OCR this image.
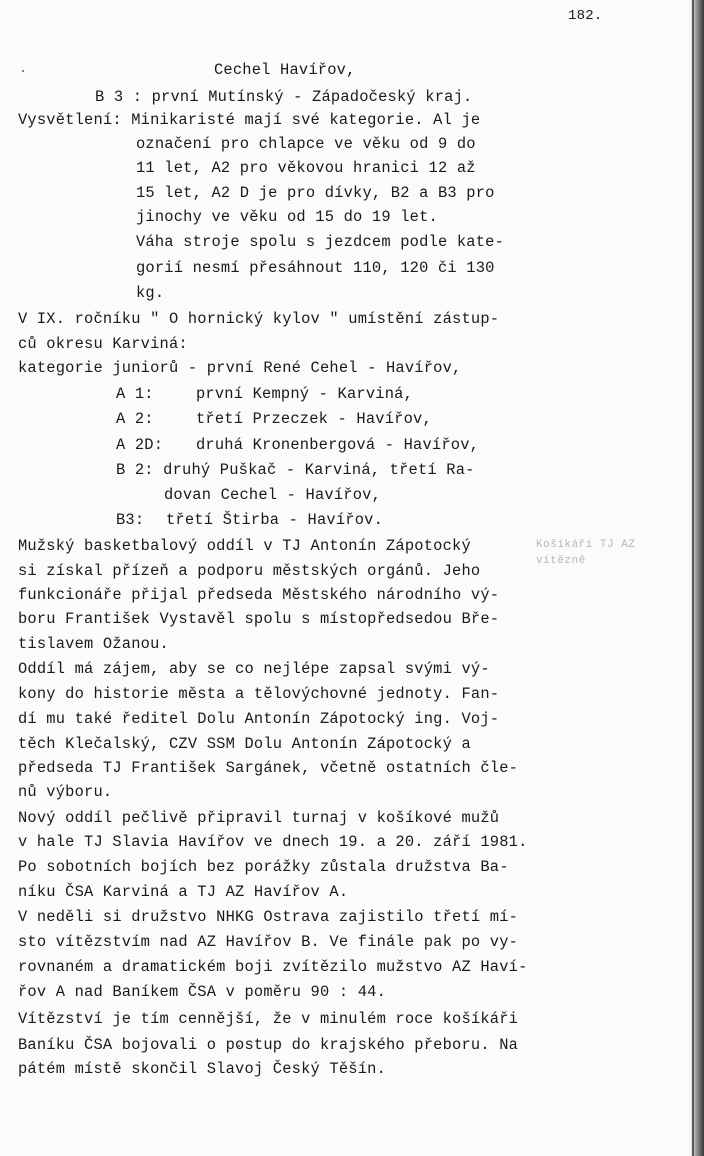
182.
Cechel Havířov,
B 3 : první Mutínský - Západočeský kraj.
Vysvětlení: Minikaristé mají své kategorie. Al je
označení pro chlapce ve věku od 9 do
11 let, A2 pro věkovou hranici 12 až
15 let, A2 D je pro dívky, B2 a B3 pro
jinochy ve věku od 15 do 19 let.
Váha stroje spolu s jezdcem podle kate-
gorií nesmí přesáhnout 110, 120 či 130
kg.
V IX. ročníku " O hornický kylov " umístění zástup-
ců okresu Karviná:
kategorie juniorů - první René Cehel - Havířov,
A 1:	první Kempný - Karviná,
A 2:	třetí Przeczek - Havířov,
A 2D: druhá Kronenbergová - Havířov,
B 2: druhý Puškač - Karviná, třetí Ra-
dovan Cechel - Havířov,
B3: třetí Štirba - Havířov.
Mužský basketbalový oddíl v TJ Antonín Zápotocký
si získal přízeň a podporu městských orgánů. Jeho
funkcionáře přijal předseda Městského národního vý-
boru František Vystavěl spolu s místopředsedou Bře-
tislavem Ožanou.
Oddíl má zájem, aby se co nejlépe zapsal svými vý-
kony do historie města a tělovýchovné jednoty. Fan-
dí mu také ředitel Dolu Antonín Zápotocký ing. Voj-
těch Klečalský, CZV SSM Dolu Antonín Zápotocký a
předseda TJ František Sargánek, včetně ostatních čle-
nů výboru.
Nový oddíl pečlivě připravil turnaj v košíkové mužů
v hale TJ Slavia Havířov ve dnech 19. a 20. září 1981.
Po sobotních bojích bez porážky zůstala družstva Ba-
níku ČSA Karviná a TJ AZ Havířov A.
V neděli si družstvo NHKG Ostrava zajistilo třetí mí-
sto vítězstvím nad AZ Havířov B. Ve finále pak po vy-
rovnaném a dramatickém boji zvítězilo mužstvo AZ Haví-
řov A nad Baníkem ČSA v poměru 90 : 44.
Vítězství je tím cennější, že v minulém roce košíkáři
Baníku ČSA bojovali o postup do krajského přeboru. Na
pátém místě skončil Slavoj Český Těšín.
Košíkáři TJ AZ
vítězně
